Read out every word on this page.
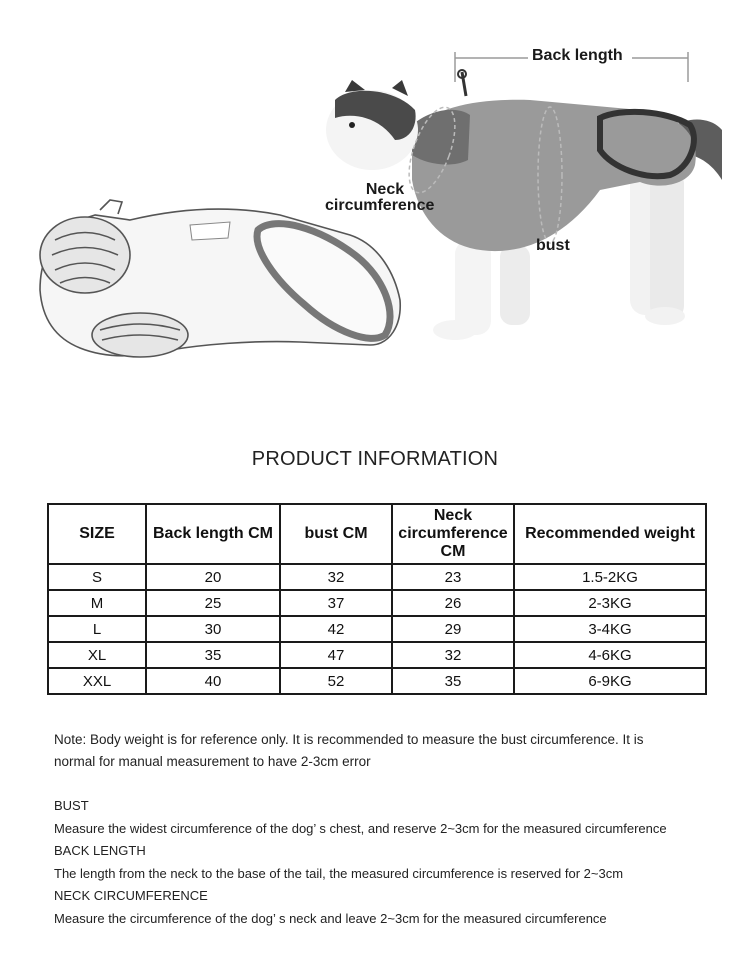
Back length
Neck
circumference
bust
PRODUCT INFORMATION
SIZE	Back length CM	bust CM	Neck
circumference
CM	Recommended weight
S	20	32	23	1.5-2KG
M	25	37	26	2-3KG
L	30	42	29	3-4KG
XL	35	47	32	4-6KG
XXL	40	52	35	6-9KG
Note: Body weight is for reference only. It is recommended to measure the bust circumference. It is
normal for manual measurement to have 2-3cm error
BUST
Measure the widest circumference of the dog’ s chest, and reserve 2~3cm for the measured circumference
BACK LENGTH
The length from the neck to the base of the tail, the measured circumference is reserved for 2~3cm
NECK CIRCUMFERENCE
Measure the circumference of the dog’ s neck and leave 2~3cm for the measured circumference
